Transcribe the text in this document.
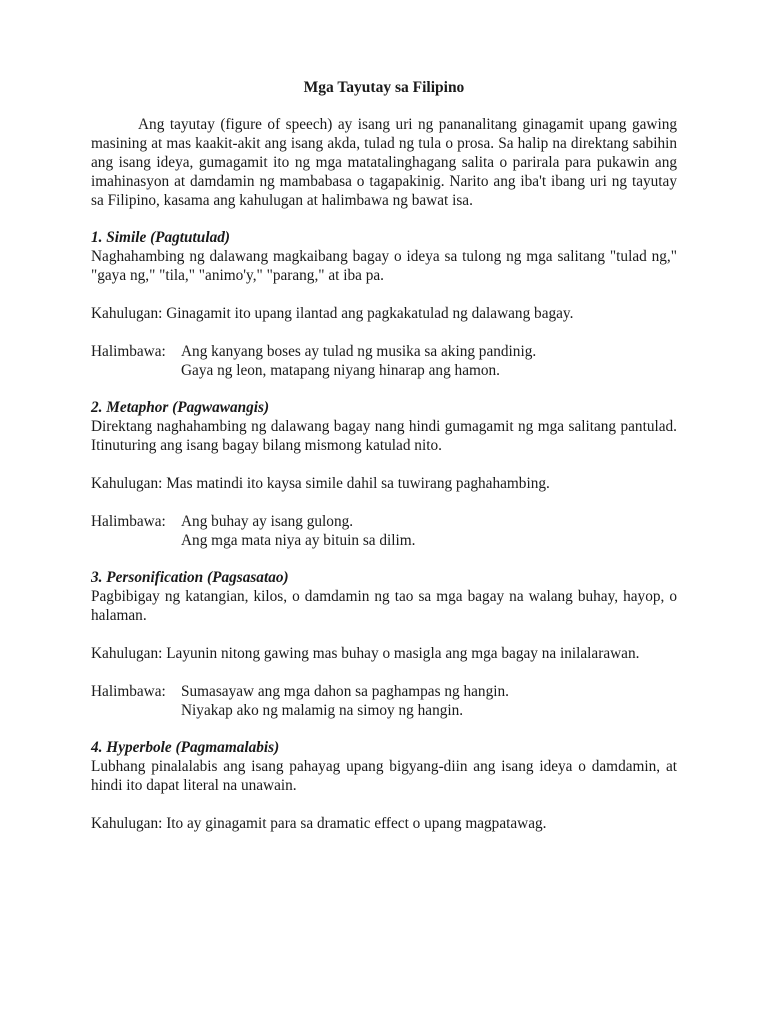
Mga Tayutay sa Filipino

Ang tayutay (figure of speech) ay isang uri ng pananalitang ginagamit upang gawing masining at mas kaakit-akit ang isang akda, tulad ng tula o prosa. Sa halip na direktang sabihin ang isang ideya, gumagamit ito ng mga matatalinghagang salita o parirala para pukawin ang imahinasyon at damdamin ng mambabasa o tagapakinig. Narito ang iba't ibang uri ng tayutay sa Filipino, kasama ang kahulugan at halimbawa ng bawat isa.

1. Simile (Pagtutulad)

Naghahambing ng dalawang magkaibang bagay o ideya sa tulong ng mga salitang "tulad ng," "gaya ng," "tila," "animo'y," "parang," at iba pa.

Kahulugan: Ginagamit ito upang ilantad ang pagkakatulad ng dalawang bagay.

Halimbawa: Ang kanyang boses ay tulad ng musika sa aking pandinig.
Gaya ng leon, matapang niyang hinarap ang hamon.

2. Metaphor (Pagwawangis)

Direktang naghahambing ng dalawang bagay nang hindi gumagamit ng mga salitang pantulad. Itinuturing ang isang bagay bilang mismong katulad nito.

Kahulugan: Mas matindi ito kaysa simile dahil sa tuwirang paghahambing.

Halimbawa: Ang buhay ay isang gulong.
Ang mga mata niya ay bituin sa dilim.

3. Personification (Pagsasatao)

Pagbibigay ng katangian, kilos, o damdamin ng tao sa mga bagay na walang buhay, hayop, o halaman.

Kahulugan: Layunin nitong gawing mas buhay o masigla ang mga bagay na inilalarawan.

Halimbawa: Sumasayaw ang mga dahon sa paghampas ng hangin.
Niyakap ako ng malamig na simoy ng hangin.

4. Hyperbole (Pagmamalabis)

Lubhang pinalalabis ang isang pahayag upang bigyang-diin ang isang ideya o damdamin, at hindi ito dapat literal na unawain.

Kahulugan: Ito ay ginagamit para sa dramatic effect o upang magpatawag.
